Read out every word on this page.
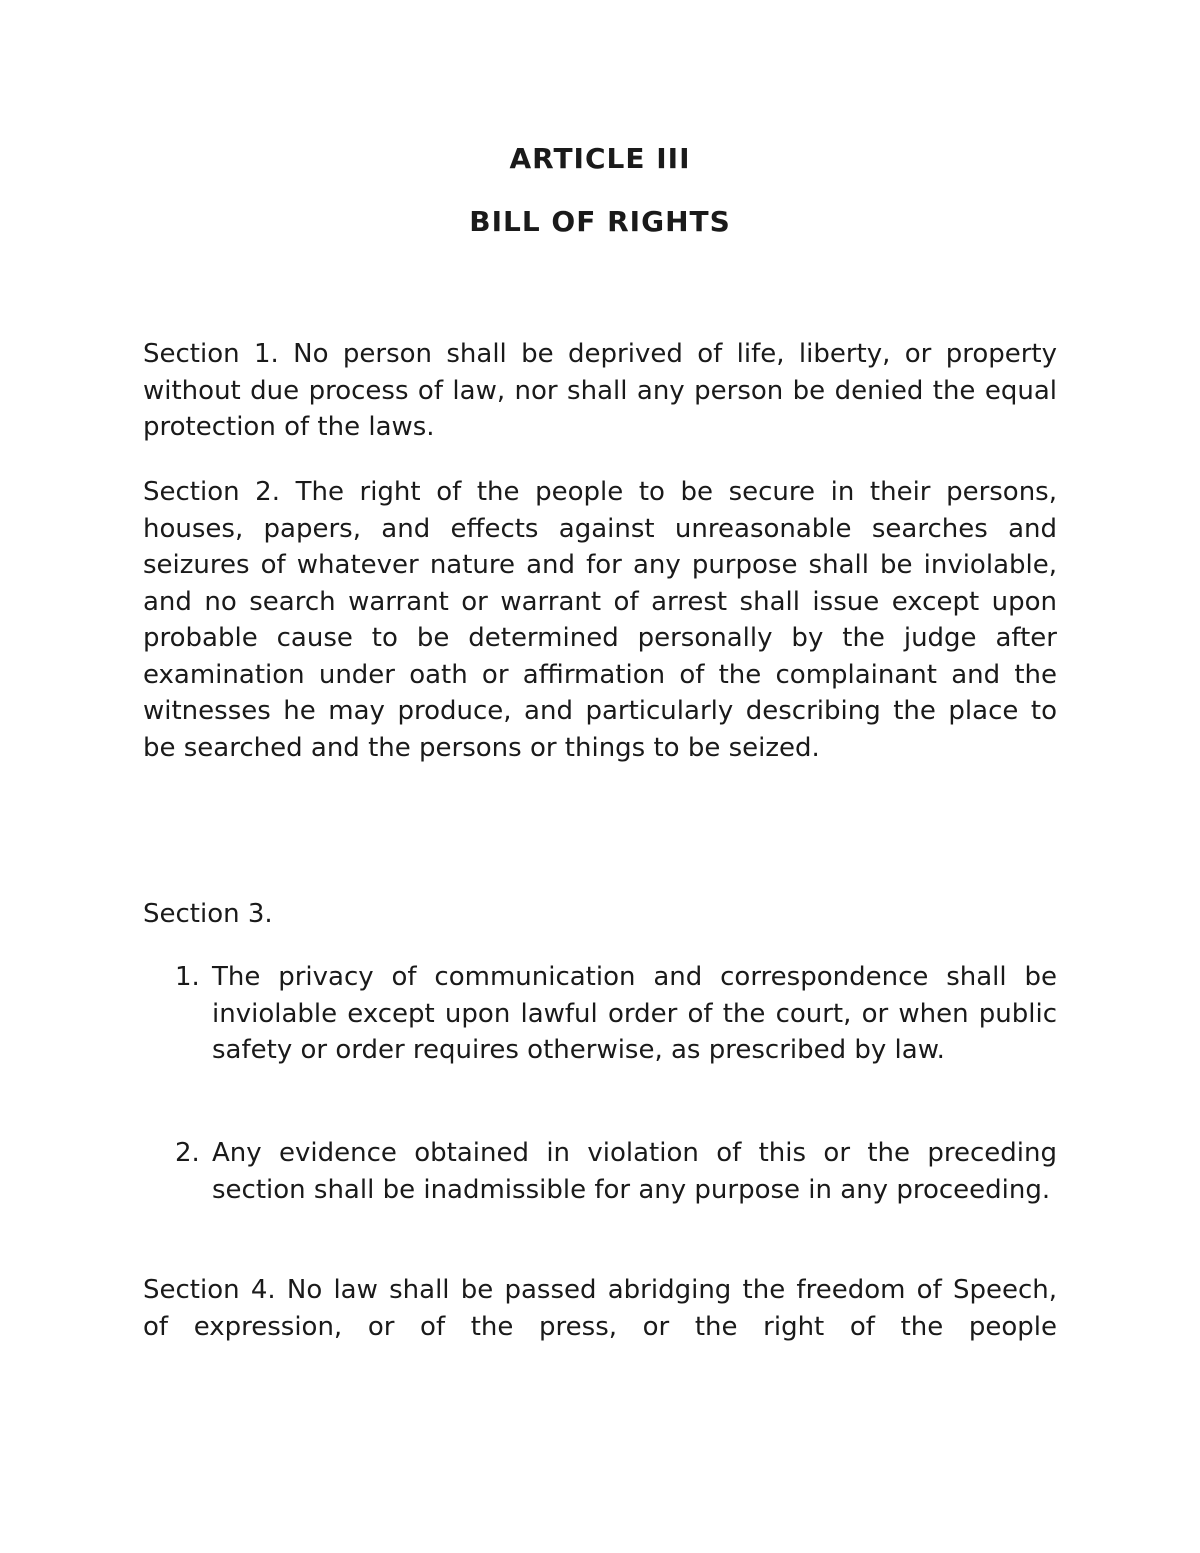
ARTICLE III
BILL OF RIGHTS

Section 1. No person shall be deprived of life, liberty, or property without due process of law, nor shall any person be denied the equal protection of the laws.

Section 2. The right of the people to be secure in their persons, houses, papers, and effects against unreasonable searches and seizures of whatever nature and for any purpose shall be inviolable, and no search warrant or warrant of arrest shall issue except upon probable cause to be determined personally by the judge after examination under oath or affirmation of the complainant and the witnesses he may produce, and particularly describing the place to be searched and the persons or things to be seized.

Section 3.

1. The privacy of communication and correspondence shall be inviolable except upon lawful order of the court, or when public safety or order requires otherwise, as prescribed by law.
2. Any evidence obtained in violation of this or the preceding section shall be inadmissible for any purpose in any proceeding.

Section 4. No law shall be passed abridging the freedom of Speech, of expression, or of the press, or the right of the people
